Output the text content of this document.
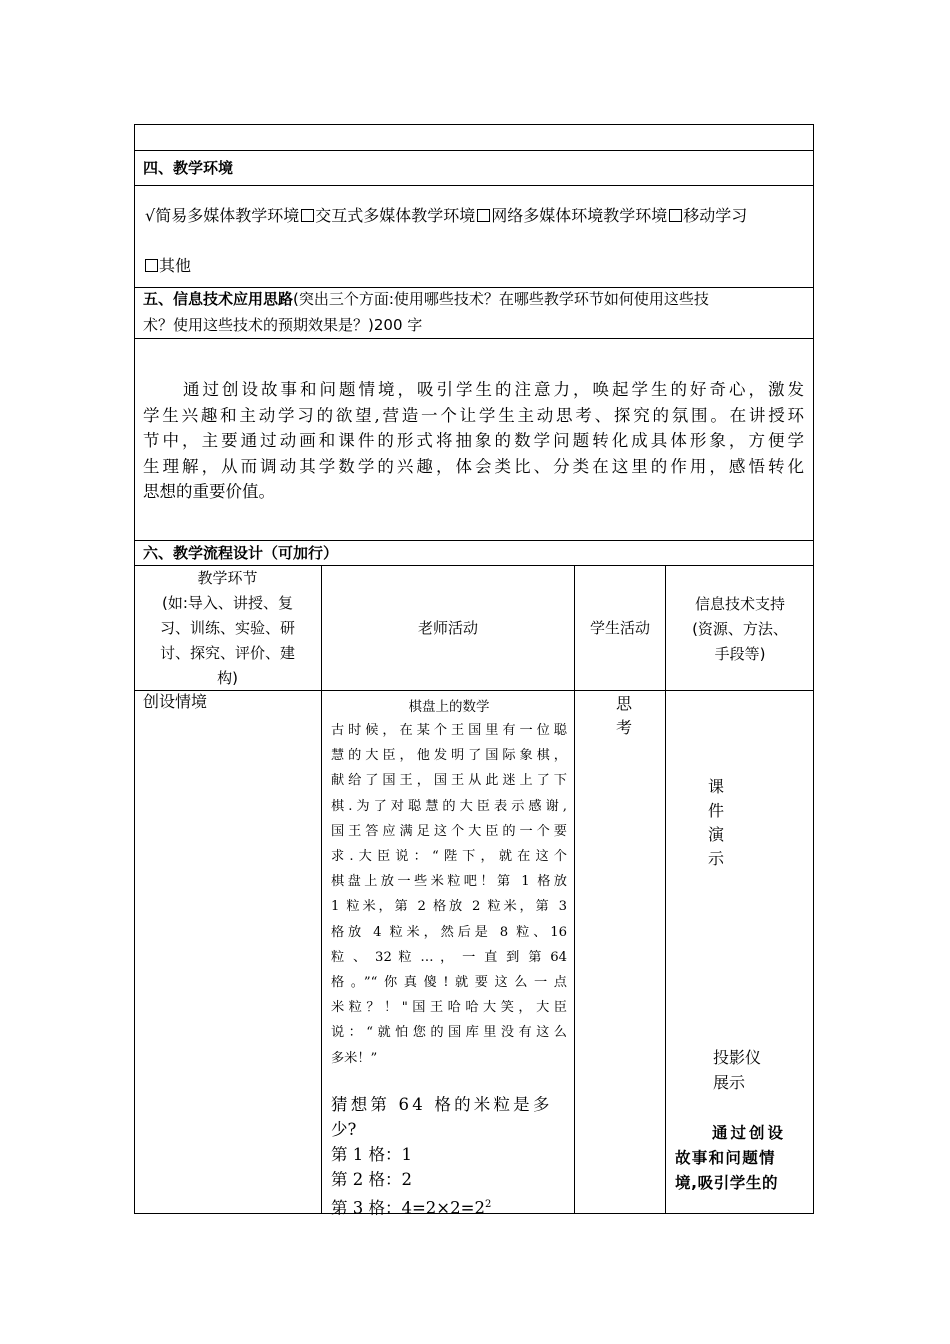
四、教学环境
√简易多媒体教学环境 交互式多媒体教学环境 网络多媒体环境教学环境 移动学习
其他
五、信息技术应用思路(突出三个方面:使用哪些技术？在哪些教学环节如何使用这些技
术？使用这些技术的预期效果是？)200 字
通过创设故事和问题情境，吸引学生的注意力，唤起学生的好奇心，激发
学生兴趣和主动学习的欲望,营造一个让学生主动思考、探究的氛围。在讲授环
节中，主要通过动画和课件的形式将抽象的数学问题转化成具体形象，方便学
生理解，从而调动其学数学的兴趣，体会类比、分类在这里的作用，感悟转化
思想的重要价值。
六、教学流程设计（可加行）
教学环节
(如:导入、讲授、复
习、训练、实验、研
讨、探究、评价、建
构)
老师活动	学生活动
信息技术支持
(资源、方法、
手段等)
创设情境	棋盘上的数学
古时候，在某个王国里有一位聪
慧的大臣，他发明了国际象棋，
献给了国王，国王从此迷上了下
棋.为了对聪慧的大臣表示感谢,
国王答应满足这个大臣的一个要
求.大臣说：“陛下，就在这个
棋盘上放一些米粒吧！第 1 格放
1 粒米，第 2 格放 2 粒米，第 3
格放 4 粒米，然后是 8 粒、16
粒 、 32 粒 … ， 一 直 到 第 64
格。”“你真傻!就要这么一点
米粒？！"国王哈哈大笑，大臣
说：“就怕您的国库里没有这么
多米！”
猜想第 64 格的米粒是多
少?
第 1 格：1
第 2 格：2
第 3 格：$4=2\times 2=2^2$
思
考
课
件
演
示
投影仪
展示
通过创设
故事和问题情
境,吸引学生的
